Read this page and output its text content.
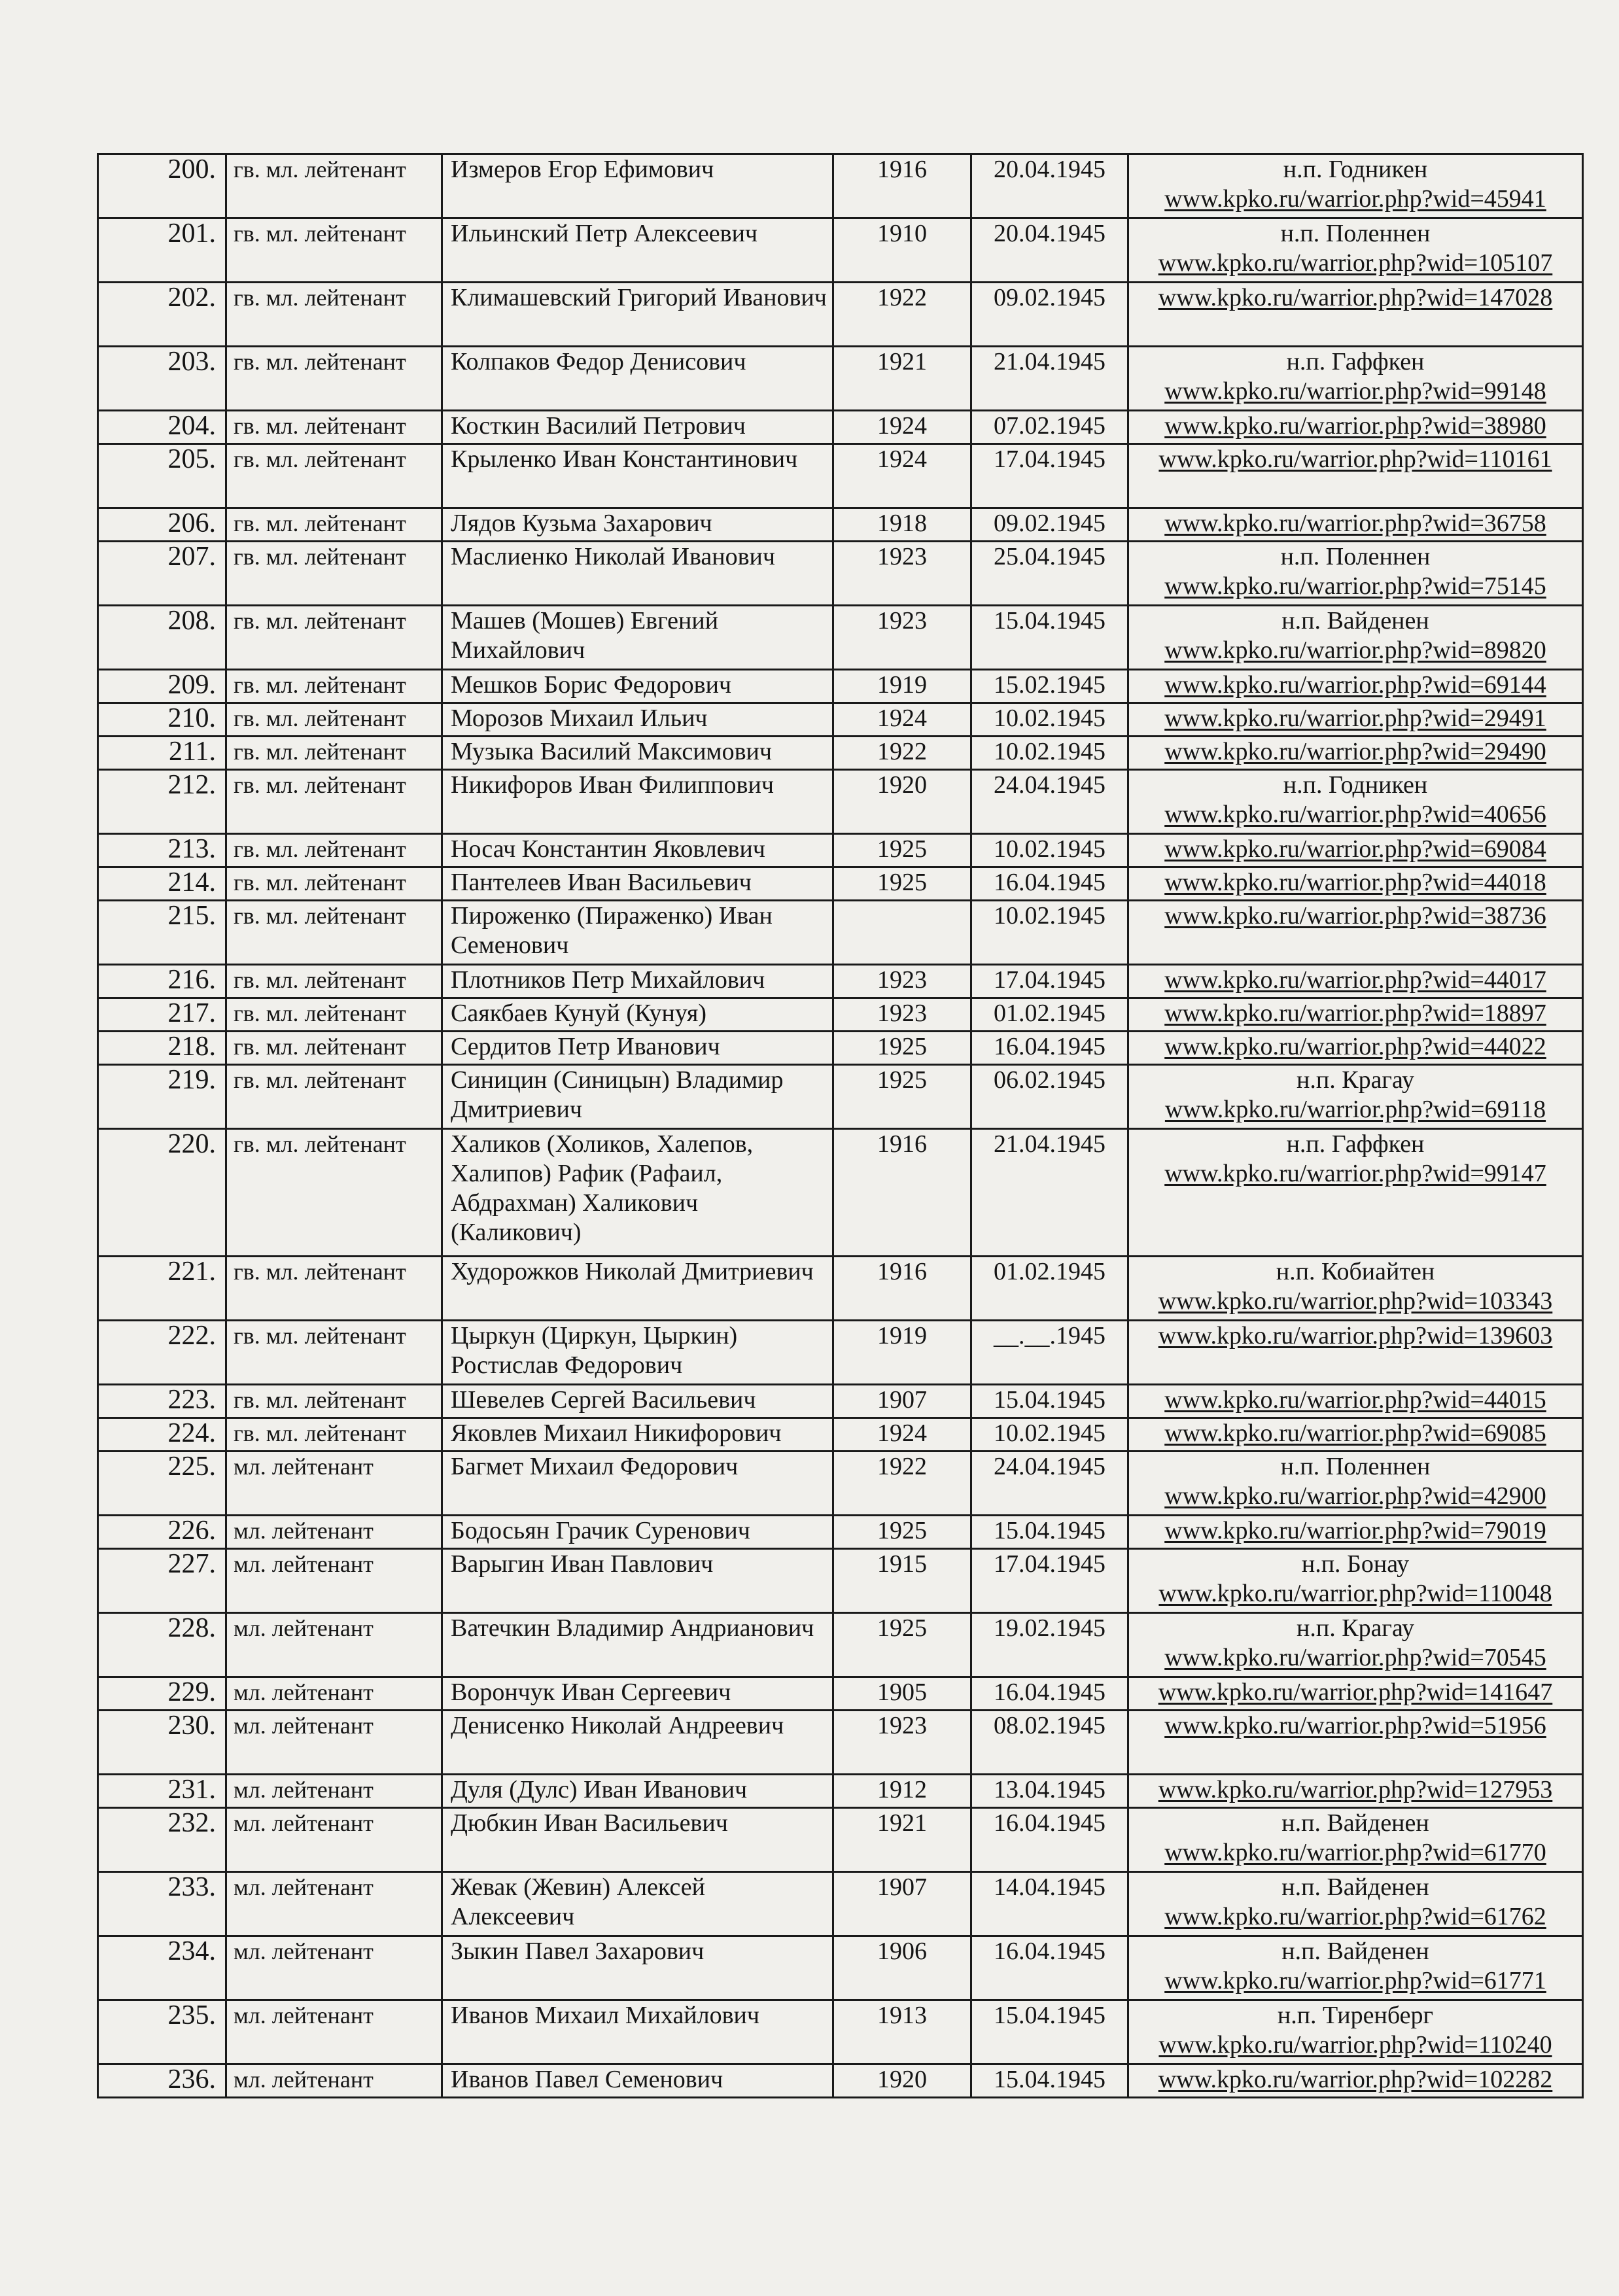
200.	гв. мл. лейтенант	Измеров Егор Ефимович	1916	20.04.1945	н.п. Годникен
www.kpko.ru/warrior.php?wid=45941

201.	гв. мл. лейтенант	Ильинский Петр Алексеевич	1910	20.04.1945	н.п. Поленнен
www.kpko.ru/warrior.php?wid=105107

202.	гв. мл. лейтенант	Климашевский Григорий Иванович	1922	09.02.1945	www.kpko.ru/warrior.php?wid=147028

203.	гв. мл. лейтенант	Колпаков Федор Денисович	1921	21.04.1945	н.п. Гаффкен
www.kpko.ru/warrior.php?wid=99148

204.	гв. мл. лейтенант	Косткин Василий Петрович	1924	07.02.1945	www.kpko.ru/warrior.php?wid=38980

205.	гв. мл. лейтенант	Крыленко Иван Константинович	1924	17.04.1945	www.kpko.ru/warrior.php?wid=110161

206.	гв. мл. лейтенант	Лядов Кузьма Захарович	1918	09.02.1945	www.kpko.ru/warrior.php?wid=36758

207.	гв. мл. лейтенант	Маслиенко Николай Иванович	1923	25.04.1945	н.п. Поленнен
www.kpko.ru/warrior.php?wid=75145

208.	гв. мл. лейтенант	Машев (Мошев) Евгений Михайлович	1923	15.04.1945	н.п. Вайденен
www.kpko.ru/warrior.php?wid=89820

209.	гв. мл. лейтенант	Мешков Борис Федорович	1919	15.02.1945	www.kpko.ru/warrior.php?wid=69144

210.	гв. мл. лейтенант	Морозов Михаил Ильич	1924	10.02.1945	www.kpko.ru/warrior.php?wid=29491

211.	гв. мл. лейтенант	Музыка Василий Максимович	1922	10.02.1945	www.kpko.ru/warrior.php?wid=29490

212.	гв. мл. лейтенант	Никифоров Иван Филиппович	1920	24.04.1945	н.п. Годникен
www.kpko.ru/warrior.php?wid=40656

213.	гв. мл. лейтенант	Носач Константин Яковлевич	1925	10.02.1945	www.kpko.ru/warrior.php?wid=69084

214.	гв. мл. лейтенант	Пантелеев Иван Васильевич	1925	16.04.1945	www.kpko.ru/warrior.php?wid=44018

215.	гв. мл. лейтенант	Пироженко (Пираженко) Иван Семенович		10.02.1945	www.kpko.ru/warrior.php?wid=38736

216.	гв. мл. лейтенант	Плотников Петр Михайлович	1923	17.04.1945	www.kpko.ru/warrior.php?wid=44017

217.	гв. мл. лейтенант	Саякбаев Кунуй (Кунуя)	1923	01.02.1945	www.kpko.ru/warrior.php?wid=18897

218.	гв. мл. лейтенант	Сердитов Петр Иванович	1925	16.04.1945	www.kpko.ru/warrior.php?wid=44022

219.	гв. мл. лейтенант	Синицин (Синицын) Владимир Дмитриевич	1925	06.02.1945	н.п. Крагау
www.kpko.ru/warrior.php?wid=69118

220.	гв. мл. лейтенант	Халиков (Холиков, Халепов, Халипов) Рафик (Рафаил, Абдрахман) Халикович (Каликович)	1916	21.04.1945	н.п. Гаффкен
www.kpko.ru/warrior.php?wid=99147

221.	гв. мл. лейтенант	Худорожков Николай Дмитриевич	1916	01.02.1945	н.п. Кобиайтен
www.kpko.ru/warrior.php?wid=103343

222.	гв. мл. лейтенант	Цыркун (Циркун, Цыркин) Ростислав Федорович	1919	__.__.1945	www.kpko.ru/warrior.php?wid=139603

223.	гв. мл. лейтенант	Шевелев Сергей Васильевич	1907	15.04.1945	www.kpko.ru/warrior.php?wid=44015

224.	гв. мл. лейтенант	Яковлев Михаил Никифорович	1924	10.02.1945	www.kpko.ru/warrior.php?wid=69085

225.	мл. лейтенант	Багмет Михаил Федорович	1922	24.04.1945	н.п. Поленнен
www.kpko.ru/warrior.php?wid=42900

226.	мл. лейтенант	Бодосьян Грачик Суренович	1925	15.04.1945	www.kpko.ru/warrior.php?wid=79019

227.	мл. лейтенант	Варыгин Иван Павлович	1915	17.04.1945	н.п. Бонау
www.kpko.ru/warrior.php?wid=110048

228.	мл. лейтенант	Ватечкин Владимир Андрианович	1925	19.02.1945	н.п. Крагау
www.kpko.ru/warrior.php?wid=70545

229.	мл. лейтенант	Ворончук Иван Сергеевич	1905	16.04.1945	www.kpko.ru/warrior.php?wid=141647

230.	мл. лейтенант	Денисенко Николай Андреевич	1923	08.02.1945	www.kpko.ru/warrior.php?wid=51956

231.	мл. лейтенант	Дуля (Дулс) Иван Иванович	1912	13.04.1945	www.kpko.ru/warrior.php?wid=127953

232.	мл. лейтенант	Дюбкин Иван Васильевич	1921	16.04.1945	н.п. Вайденен
www.kpko.ru/warrior.php?wid=61770

233.	мл. лейтенант	Жевак (Жевин) Алексей Алексеевич	1907	14.04.1945	н.п. Вайденен
www.kpko.ru/warrior.php?wid=61762

234.	мл. лейтенант	Зыкин Павел Захарович	1906	16.04.1945	н.п. Вайденен
www.kpko.ru/warrior.php?wid=61771

235.	мл. лейтенант	Иванов Михаил Михайлович	1913	15.04.1945	н.п. Тиренберг
www.kpko.ru/warrior.php?wid=110240

236.	мл. лейтенант	Иванов Павел Семенович	1920	15.04.1945	www.kpko.ru/warrior.php?wid=102282
